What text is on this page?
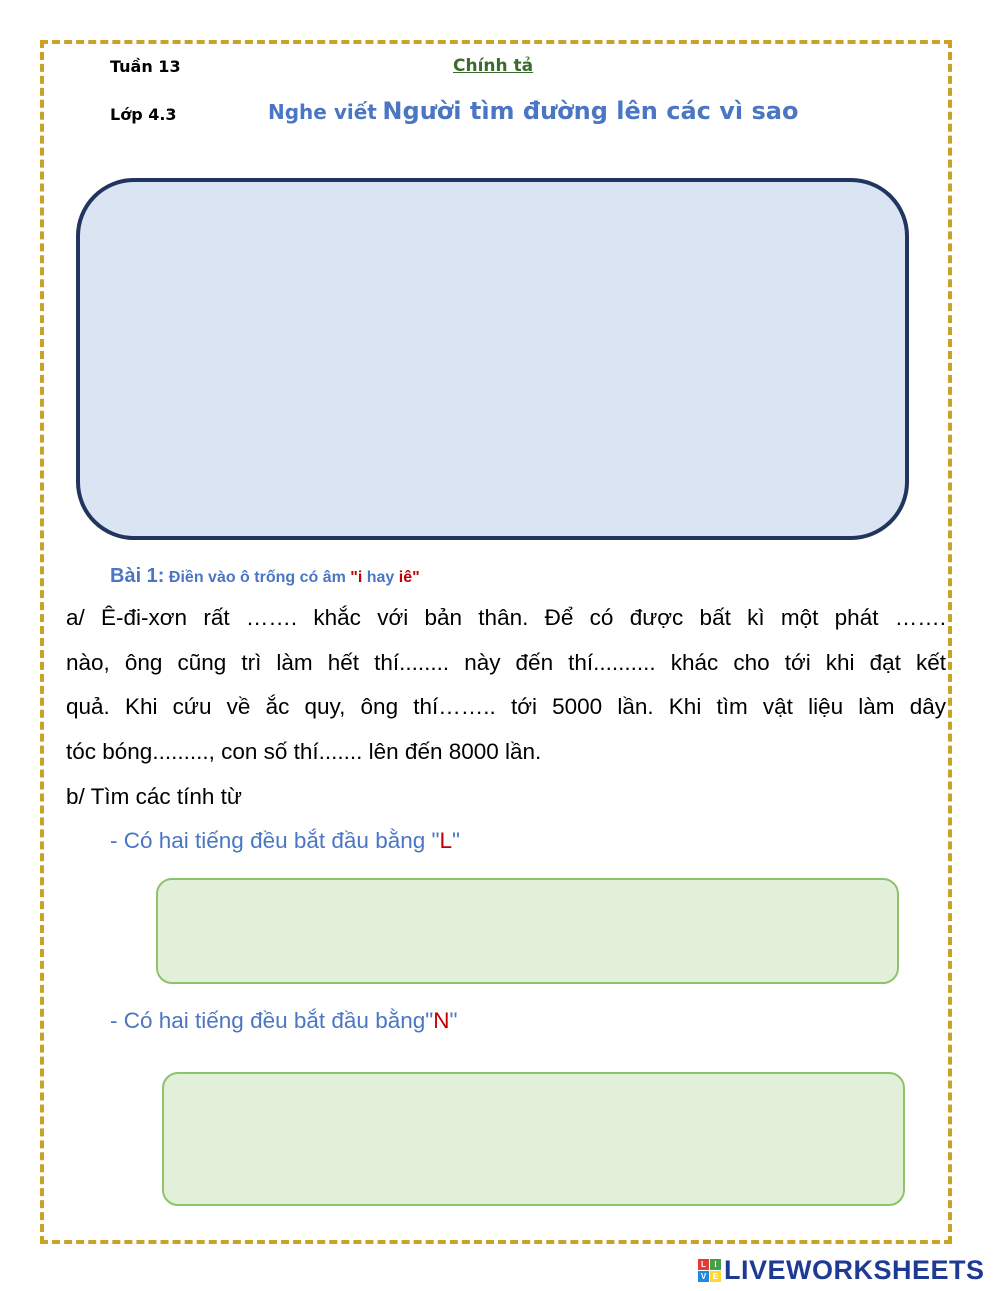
Tuần 13	Chính tả
Lớp 4.3	Nghe viết Người tìm đường lên các vì sao
Bài 1: Điền vào ô trống có âm "i hay iê"
a/ Ê-đi-xơn rất ……. khắc với bản thân. Để có được bất kì một phát …….
nào, ông cũng trì làm hết thí........ này đến thí.......... khác cho tới khi đạt kết
quả. Khi cứu về ắc quy, ông thí…….. tới 5000 lần. Khi tìm vật liệu làm dây
tóc bóng........., con số thí....... lên đến 8000 lần.
b/ Tìm các tính từ
- Có hai tiếng đều bắt đầu bằng "L"
- Có hai tiếng đều bắt đầu bằng"N"
L	I
V E LIVEWORKSHEETS
